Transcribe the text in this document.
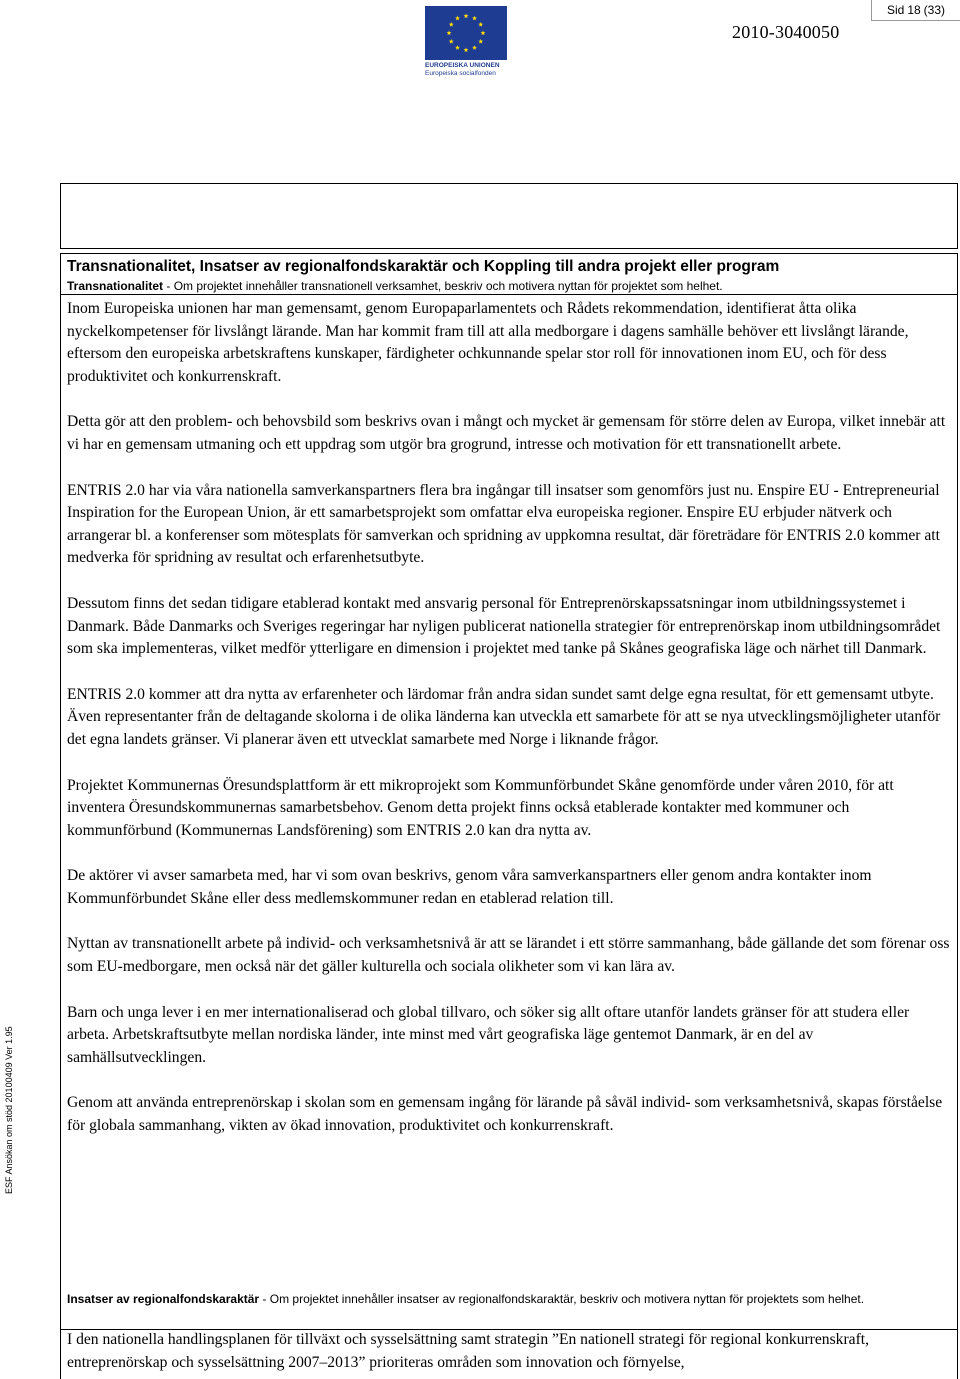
Sid 18 (33)
EUROPEISKA UNIONEN
Europeiska socialfonden
2010-3040050
Transnationalitet, Insatser av regionalfondskaraktär och Koppling till andra projekt eller program
Transnationalitet - Om projektet innehåller transnationell verksamhet, beskriv och motivera nyttan för projektet som helhet.

Inom Europeiska unionen har man gemensamt, genom Europaparlamentets och Rådets rekommendation, identifierat åtta olika nyckelkompetenser för livslångt lärande. Man har kommit fram till att alla medborgare i dagens samhälle behöver ett livslångt lärande, eftersom den europeiska arbetskraftens kunskaper, färdigheter ochkunnande spelar stor roll för innovationen inom EU, och för dess produktivitet och konkurrenskraft.

Detta gör att den problem- och behovsbild som beskrivs ovan i mångt och mycket är gemensam för större delen av Europa, vilket innebär att vi har en gemensam utmaning och ett uppdrag som utgör bra grogrund, intresse och motivation för ett transnationellt arbete.

ENTRIS 2.0 har via våra nationella samverkanspartners flera bra ingångar till insatser som genomförs just nu. Enspire EU - Entrepreneurial Inspiration for the European Union, är ett samarbetsprojekt som omfattar elva europeiska regioner. Enspire EU erbjuder nätverk och arrangerar bl. a konferenser som mötesplats för samverkan och spridning av uppkomna resultat, där företrädare för ENTRIS 2.0 kommer att medverka för spridning av resultat och erfarenhetsutbyte.

Dessutom finns det sedan tidigare etablerad kontakt med ansvarig personal för Entreprenörskapssatsningar inom utbildningssystemet i Danmark. Både Danmarks och Sveriges regeringar har nyligen publicerat nationella strategier för entreprenörskap inom utbildningsområdet som ska implementeras, vilket medför ytterligare en dimension i projektet med tanke på Skånes geografiska läge och närhet till Danmark.

ENTRIS 2.0 kommer att dra nytta av erfarenheter och lärdomar från andra sidan sundet samt delge egna resultat, för ett gemensamt utbyte. Även representanter från de deltagande skolorna i de olika länderna kan utveckla ett samarbete för att se nya utvecklingsmöjligheter utanför det egna landets gränser. Vi planerar även ett utvecklat samarbete med Norge i liknande frågor.

Projektet Kommunernas Öresundsplattform är ett mikroprojekt som Kommunförbundet Skåne genomförde under våren 2010, för att inventera Öresundskommunernas samarbetsbehov. Genom detta projekt finns också etablerade kontakter med kommuner och kommunförbund (Kommunernas Landsförening) som ENTRIS 2.0 kan dra nytta av.

De aktörer vi avser samarbeta med, har vi som ovan beskrivs, genom våra samverkanspartners eller genom andra kontakter inom Kommunförbundet Skåne eller dess medlemskommuner redan en etablerad relation till.

Nyttan av transnationellt arbete på individ- och verksamhetsnivå är att se lärandet i ett större sammanhang, både gällande det som förenar oss som EU-medborgare, men också när det gäller kulturella och sociala olikheter som vi kan lära av.

Barn och unga lever i en mer internationaliserad och global tillvaro, och söker sig allt oftare utanför landets gränser för att studera eller arbeta. Arbetskraftsutbyte mellan nordiska länder, inte minst med vårt geografiska läge gentemot Danmark, är en del av samhällsutvecklingen.

Genom att använda entreprenörskap i skolan som en gemensam ingång för lärande på såväl individ- som verksamhetsnivå, skapas förståelse för globala sammanhang, vikten av ökad innovation, produktivitet och konkurrenskraft.

Insatser av regionalfondskaraktär - Om projektet innehåller insatser av regionalfondskaraktär, beskriv och motivera nyttan för projektets som helhet.

I den nationella handlingsplanen för tillväxt och sysselsättning samt strategin ”En nationell strategi för regional konkurrenskraft, entreprenörskap och sysselsättning 2007–2013” prioriteras områden som innovation och förnyelse,

ESF Ansökan om stöd 20100409 Ver 1.95
